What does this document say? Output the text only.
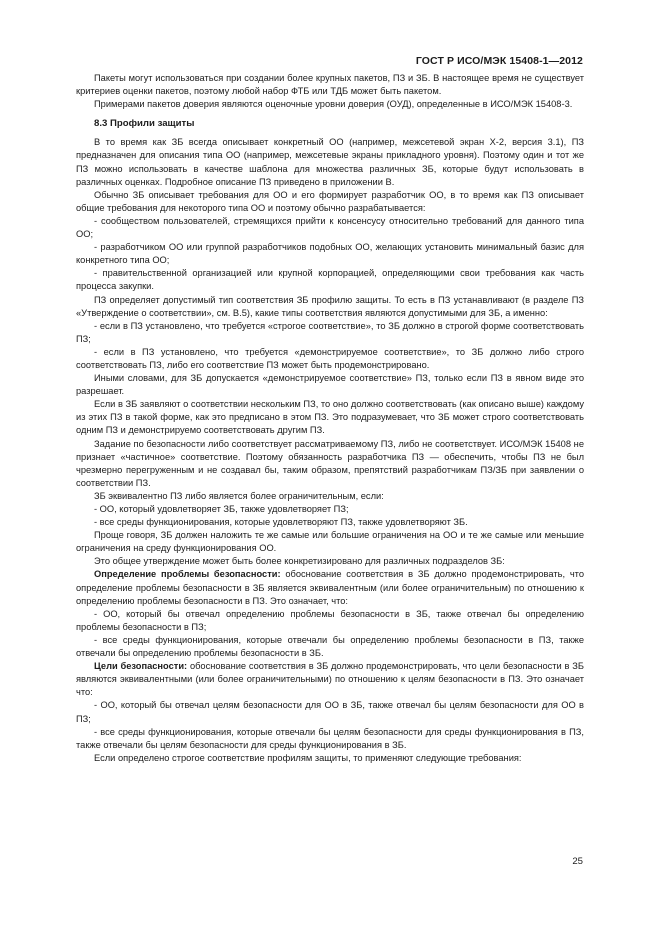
ГОСТ Р ИСО/МЭК 15408-1—2012

Пакеты могут использоваться при создании более крупных пакетов, ПЗ и ЗБ. В настоящее время не существует критериев оценки пакетов, поэтому любой набор ФТБ или ТДБ может быть пакетом.

Примерами пакетов доверия являются оценочные уровни доверия (ОУД), определенные в ИСО/МЭК 15408-3.

8.3 Профили защиты

В то время как ЗБ всегда описывает конкретный ОО (например, межсетевой экран X-2, версия 3.1), ПЗ предназначен для описания типа ОО (например, межсетевые экраны прикладного уровня). Поэтому один и тот же ПЗ можно использовать в качестве шаблона для множества различных ЗБ, которые будут использовать в различных оценках. Подробное описание ПЗ приведено в приложении В.

Обычно ЗБ описывает требования для ОО и его формирует разработчик ОО, в то время как ПЗ описывает общие требования для некоторого типа ОО и поэтому обычно разрабатывается:

- сообществом пользователей, стремящихся прийти к консенсусу относительно требований для данного типа ОО;

- разработчиком ОО или группой разработчиков подобных ОО, желающих установить минимальный базис для конкретного типа ОО;

- правительственной организацией или крупной корпорацией, определяющими свои требования как часть процесса закупки.

ПЗ определяет допустимый тип соответствия ЗБ профилю защиты. То есть в ПЗ устанавливают (в разделе ПЗ «Утверждение о соответствии», см. В.5), какие типы соответствия являются допустимыми для ЗБ, а именно:

- если в ПЗ установлено, что требуется «строгое соответствие», то ЗБ должно в строгой форме соответствовать ПЗ;

- если в ПЗ установлено, что требуется «демонстрируемое соответствие», то ЗБ должно либо строго соответствовать ПЗ, либо его соответствие ПЗ может быть продемонстрировано.

Иными словами, для ЗБ допускается «демонстрируемое соответствие» ПЗ, только если ПЗ в явном виде это разрешает.

Если в ЗБ заявляют о соответствии нескольким ПЗ, то оно должно соответствовать (как описано выше) каждому из этих ПЗ в такой форме, как это предписано в этом ПЗ. Это подразумевает, что ЗБ может строго соответствовать одним ПЗ и демонстрируемо соответствовать другим ПЗ.

Задание по безопасности либо соответствует рассматриваемому ПЗ, либо не соответствует. ИСО/МЭК 15408 не признает «частичное» соответствие. Поэтому обязанность разработчика ПЗ — обеспечить, чтобы ПЗ не был чрезмерно перегруженным и не создавал бы, таким образом, препятствий разработчикам ПЗ/ЗБ при заявлении о соответствии ПЗ.

ЗБ эквивалентно ПЗ либо является более ограничительным, если:

- ОО, который удовлетворяет ЗБ, также удовлетворяет ПЗ;

- все среды функционирования, которые удовлетворяют ПЗ, также удовлетворяют ЗБ.

Проще говоря, ЗБ должен наложить те же самые или большие ограничения на ОО и те же самые или меньшие ограничения на среду функционирования ОО.

Это общее утверждение может быть более конкретизировано для различных подразделов ЗБ:

Определение проблемы безопасности: обоснование соответствия в ЗБ должно продемонстрировать, что определение проблемы безопасности в ЗБ является эквивалентным (или более ограничительным) по отношению к определению проблемы безопасности в ПЗ. Это означает, что:

- ОО, который бы отвечал определению проблемы безопасности в ЗБ, также отвечал бы определению проблемы безопасности в ПЗ;

- все среды функционирования, которые отвечали бы определению проблемы безопасности в ПЗ, также отвечали бы определению проблемы безопасности в ЗБ.

Цели безопасности: обоснование соответствия в ЗБ должно продемонстрировать, что цели безопасности в ЗБ являются эквивалентными (или более ограничительными) по отношению к целям безопасности в ПЗ. Это означает что:

- ОО, который бы отвечал целям безопасности для ОО в ЗБ, также отвечал бы целям безопасности для ОО в ПЗ;

- все среды функционирования, которые отвечали бы целям безопасности для среды функционирования в ПЗ, также отвечали бы целям безопасности для среды функционирования в ЗБ.

Если определено строгое соответствие профилям защиты, то применяют следующие требования:

25
